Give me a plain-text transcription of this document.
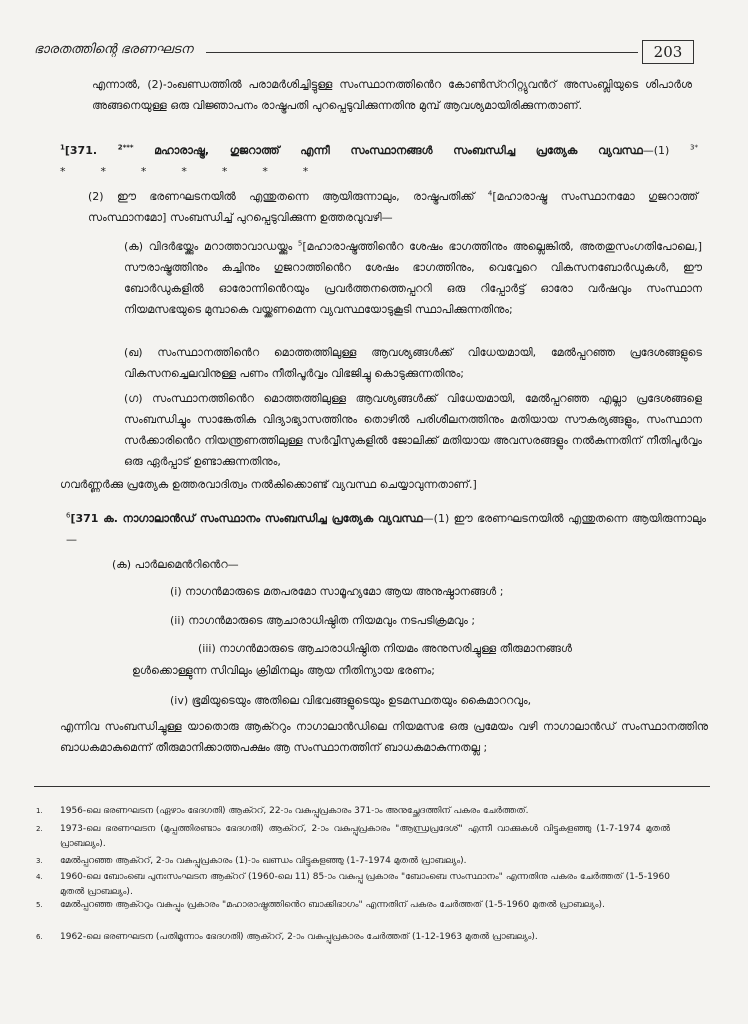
ഭാരതത്തിന്റെ ഭരണഘടന	203
എന്നാൽ, (2)-ാംഖണ്ഡത്തിൽ പരാമർശിച്ചിട്ടുള്ള സംസ്ഥാനത്തിൻെറ കോൺസ്ററിറ്റ്യുവൻറ് അസംബ്ലിയുടെ ശിപാർശ അങ്ങനെയുള്ള ഒരു വിജ്ഞാപനം രാഷ്ട്രപതി പുറപ്പെടുവിക്കുന്നതിനു മുമ്പ് ആവശ്യമായിരിക്കുന്നതാണ്.
$^1$[371.	$^{2***}$ മഹാരാഷ്ട്ര, ഗുജറാത്ത് എന്നീ സംസ്ഥാനങ്ങൾ സംബന്ധിച്ച പ്രത്യേക വ്യവസ്ഥ—(1)	$^{3*}$ *          *          *          *          *          *          *
(2) ഈ ഭരണഘടനയിൽ എന്തുതന്നെ ആയിരുന്നാലും, രാഷ്ട്രപതിക്ക് $^4$[മഹാരാഷ്ട്ര സംസ്ഥാനമോ ഗുജറാത്ത് സംസ്ഥാനമോ] സംബന്ധിച്ച് പുറപ്പെടുവിക്കുന്ന ഉത്തരവുവഴി—
(ക) വിദർഭയ്ക്കും മറാത്താവാഡയ്ക്കും $^5$[മഹാരാഷ്ട്രത്തിൻെറ ശേഷം ഭാഗത്തിനും അല്ലെങ്കിൽ, അതതുസംഗതിപോലെ,] സൗരാഷ്ട്രത്തിനും കച്ചിനും ഗുജറാത്തിൻെറ ശേഷം ഭാഗത്തിനും, വെവ്വേറെ വികസനബോർഡുകൾ, ഈ ബോർഡുകളിൽ ഓരോന്നിൻെറയും പ്രവർത്തനത്തെപ്പററി ഒരു റിപ്പോർട്ട് ഓരോ വർഷവും സംസ്ഥാന നിയമസഭയുടെ മുമ്പാകെ വയ്ക്കണമെന്ന വ്യവസ്ഥയോടുകൂടി സ്ഥാപിക്കുന്നതിനും;
(ഖ) സംസ്ഥാനത്തിൻെറ മൊത്തത്തിലുള്ള ആവശ്യങ്ങൾക്ക് വിധേയമായി, മേൽപ്പറഞ്ഞ പ്രദേശങ്ങളുടെ വികസനച്ചെലവിനുള്ള പണം നീതിപൂർവ്വം വിഭജിച്ചു കൊടുക്കുന്നതിനും;
(ഗ) സംസ്ഥാനത്തിൻെറ മൊത്തത്തിലുള്ള ആവശ്യങ്ങൾക്ക് വിധേയമായി, മേൽപ്പറഞ്ഞ എല്ലാ പ്രദേശങ്ങളെ സംബന്ധിച്ചും സാങ്കേതിക വിദ്യാഭ്യാസത്തിനും തൊഴിൽ പരിശീലനത്തിനും മതിയായ സൗകര്യങ്ങളും, സംസ്ഥാന സർക്കാരിൻെറ നിയന്ത്രണത്തിലുള്ള സർവ്വീസുകളിൽ ജോലിക്ക് മതിയായ അവസരങ്ങളും നൽകുന്നതിന് നീതിപൂർവ്വം ഒരു ഏർപ്പാട് ഉണ്ടാക്കുന്നതിനും,
ഗവർണ്ണർക്കു പ്രത്യേക ഉത്തരവാദിത്വം നൽകിക്കൊണ്ട് വ്യവസ്ഥ ചെയ്യാവുന്നതാണ്.]
$^6$[371 ക. നാഗാലാൻഡ് സംസ്ഥാനം സംബന്ധിച്ച പ്രത്യേക വ്യവസ്ഥ—(1) ഈ ഭരണഘടനയിൽ എന്തുതന്നെ ആയിരുന്നാലും—
(ക) പാർലമെൻറിൻെറ—
(i) നാഗൻമാരുടെ മതപരമോ സാമൂഹ്യമോ ആയ അനുഷ്ഠാനങ്ങൾ ;
(ii) നാഗൻമാരുടെ ആചാരാധിഷ്ഠിത നിയമവും നടപടിക്രമവും ;
(iii) നാഗൻമാരുടെ ആചാരാധിഷ്ഠിത നിയമം അനുസരിച്ചുള്ള തീരുമാനങ്ങൾ
ഉൾക്കൊള്ളുന്ന സിവിലും ക്രിമിനലും ആയ നീതിന്യായ ഭരണം;
(iv) ഭൂമിയുടെയും അതിലെ വിഭവങ്ങളുടെയും ഉടമസ്ഥതയും കൈമാററവും,
എന്നിവ സംബന്ധിച്ചുള്ള യാതൊരു ആക്ററും നാഗാലാൻഡിലെ നിയമസഭ ഒരു പ്രമേയം വഴി നാഗാലാൻഡ് സംസ്ഥാനത്തിനു ബാധകമാകുമെന്ന് തീരുമാനിക്കാത്തപക്ഷം ആ സംസ്ഥാനത്തിന് ബാധകമാകുന്നതല്ല ;
1. 1956-ലെ ഭരണഘടന (ഏഴാം ഭേദഗതി) ആക്ററ്, 22-ാം വകുപ്പുപ്രകാരം 371-ാം അനുച്ഛേദത്തിന് പകരം ചേർത്തത്.
2. 1973-ലെ ഭരണഘടന (മുപ്പത്തിരണ്ടാം ഭേദഗതി) ആക്ററ്, 2-ാം വകുപ്പുപ്രകാരം "ആന്ധ്രപ്രദേശ്" എന്നീ വാക്കുകൾ വിട്ടുകളഞ്ഞു (1-7-1974 മുതൽ പ്രാബല്യം).
3. മേൽപ്പറഞ്ഞ ആക്ററ്, 2-ാം വകുപ്പുപ്രകാരം (1)-ാം ഖണ്ഡം വിട്ടുകളഞ്ഞു (1-7-1974 മുതൽ പ്രാബല്യം).
4. 1960-ലെ ബോംബെ പുനഃസംഘടന ആക്ററ് (1960-ലെ 11) 85-ാം വകുപ്പു പ്രകാരം "ബോംബെ സംസ്ഥാനം" എന്നതിനു പകരം ചേർത്തത് (1-5-1960 മുതൽ പ്രാബല്യം).
5. മേൽപ്പറഞ്ഞ ആക്ററും വകുപ്പും പ്രകാരം "മഹാരാഷ്ട്രത്തിൻെറ ബാക്കിഭാഗം" എന്നതിന് പകരം ചേർത്തത് (1-5-1960 മുതൽ പ്രാബല്യം).
6. 1962-ലെ ഭരണഘടന (പതിമൂന്നാം ഭേദഗതി) ആക്ററ്, 2-ാം വകുപ്പുപ്രകാരം ചേർത്തത് (1-12-1963 മുതൽ പ്രാബല്യം).
